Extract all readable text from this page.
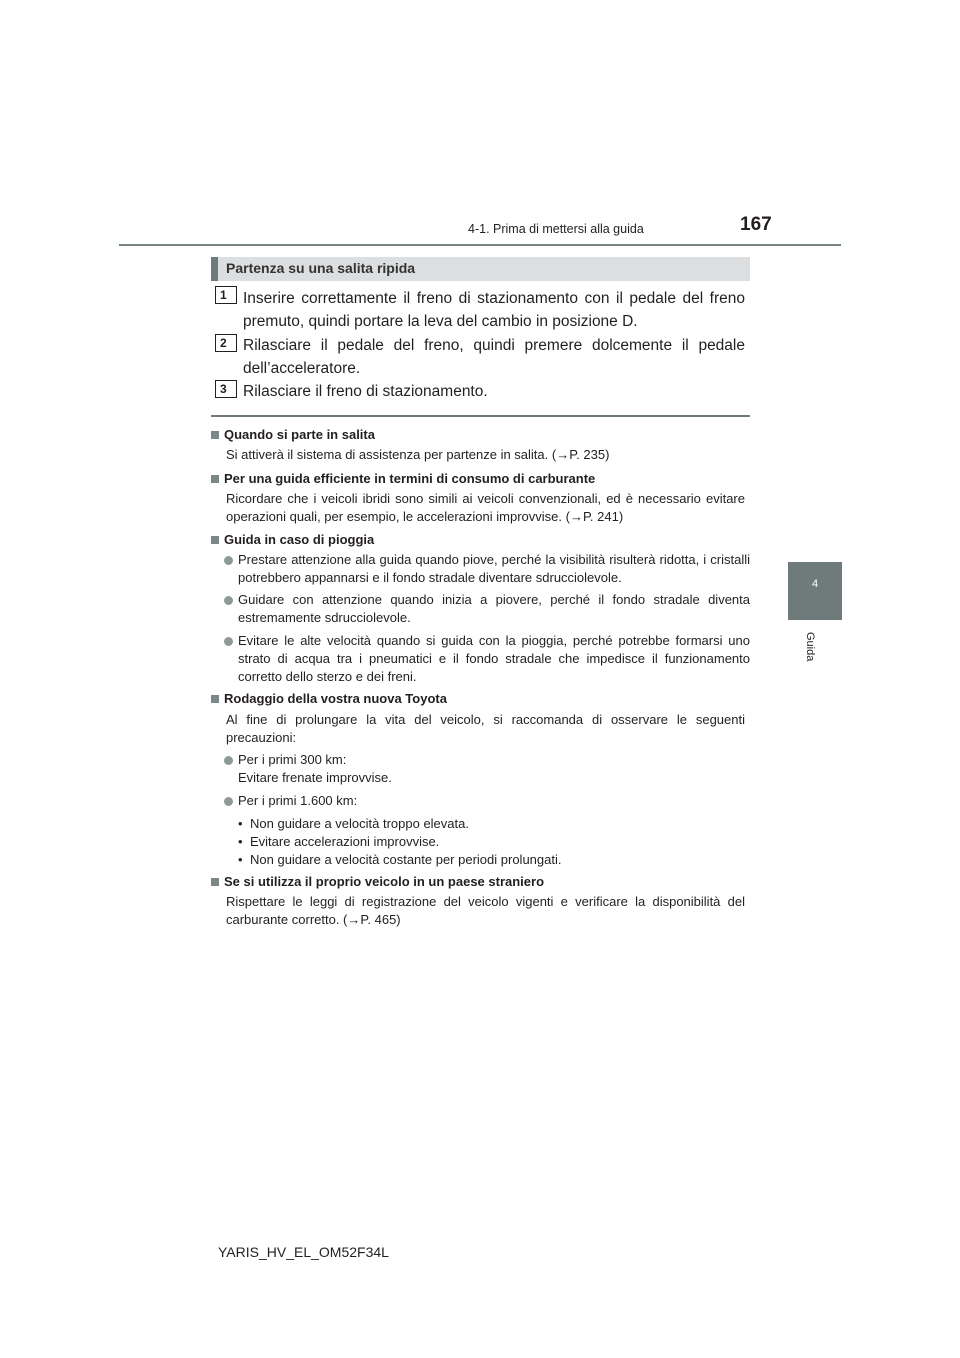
4-1. Prima di mettersi alla guida	167
4
Guida
Partenza su una salita ripida
1	Inserire correttamente il freno di stazionamento con il pedale del freno premuto, quindi portare la leva del cambio in posizione D.
2	Rilasciare il pedale del freno, quindi premere dolcemente il pedale dell’acceleratore.
3	Rilasciare il freno di stazionamento.
Quando si parte in salita
Si attiverà il sistema di assistenza per partenze in salita. (→P. 235)
Per una guida efficiente in termini di consumo di carburante
Ricordare che i veicoli ibridi sono simili ai veicoli convenzionali, ed è necessario evitare operazioni quali, per esempio, le accelerazioni improvvise. (→P. 241)
Guida in caso di pioggia
Prestare attenzione alla guida quando piove, perché la visibilità risulterà ridotta, i cristalli potrebbero appannarsi e il fondo stradale diventare sdrucciolevole.
Guidare con attenzione quando inizia a piovere, perché il fondo stradale diventa estremamente sdrucciolevole.
Evitare le alte velocità quando si guida con la pioggia, perché potrebbe formarsi uno strato di acqua tra i pneumatici e il fondo stradale che impedisce il funzionamento corretto dello sterzo e dei freni.
Rodaggio della vostra nuova Toyota
Al fine di prolungare la vita del veicolo, si raccomanda di osservare le seguenti precauzioni:
Per i primi 300 km:
Evitare frenate improvvise.
Per i primi 1.600 km:
• Non guidare a velocità troppo elevata.
• Evitare accelerazioni improvvise.
• Non guidare a velocità costante per periodi prolungati.
Se si utilizza il proprio veicolo in un paese straniero
Rispettare le leggi di registrazione del veicolo vigenti e verificare la disponibilità del carburante corretto. (→P. 465)
YARIS_HV_EL_OM52F34L
